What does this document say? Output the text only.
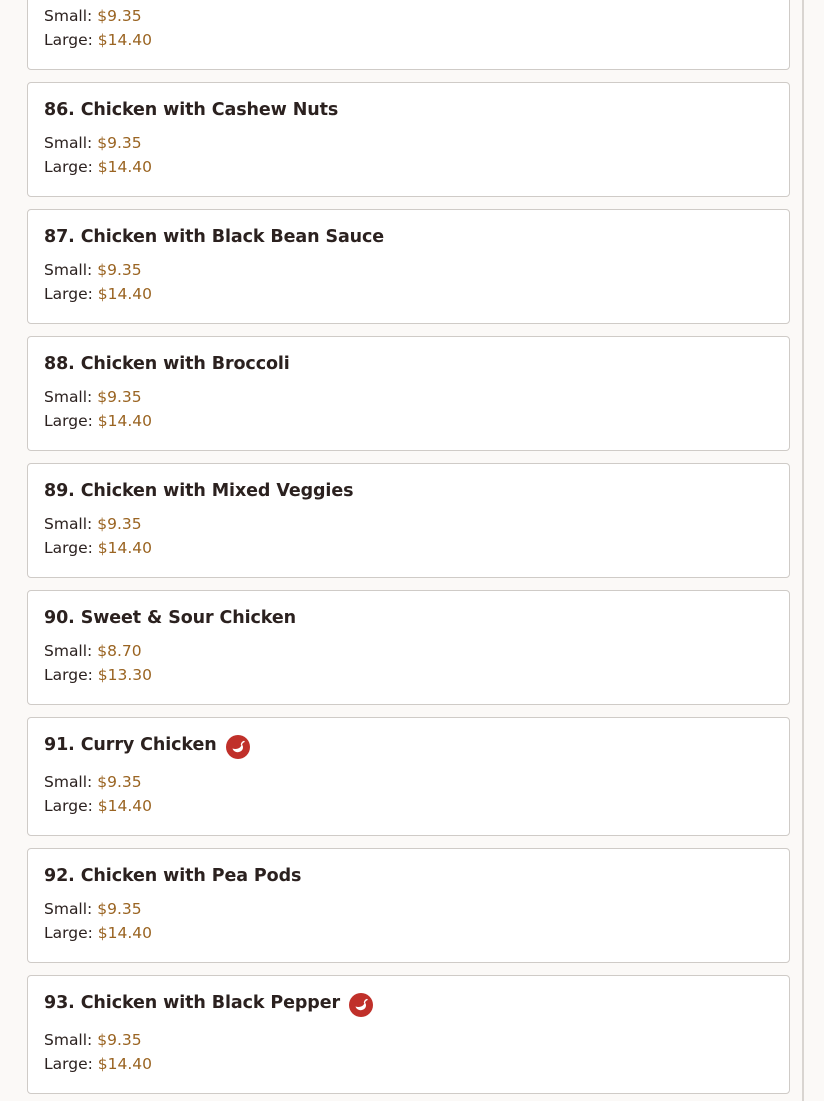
Small: $9.35
Large: $14.40
86. Chicken with Cashew Nuts
Small: $9.35
Large: $14.40
87. Chicken with Black Bean Sauce
Small: $9.35
Large: $14.40
88. Chicken with Broccoli
Small: $9.35
Large: $14.40
89. Chicken with Mixed Veggies
Small: $9.35
Large: $14.40
90. Sweet & Sour Chicken
Small: $8.70
Large: $13.30
91. Curry Chicken
Small: $9.35
Large: $14.40
92. Chicken with Pea Pods
Small: $9.35
Large: $14.40
93. Chicken with Black Pepper
Small: $9.35
Large: $14.40
